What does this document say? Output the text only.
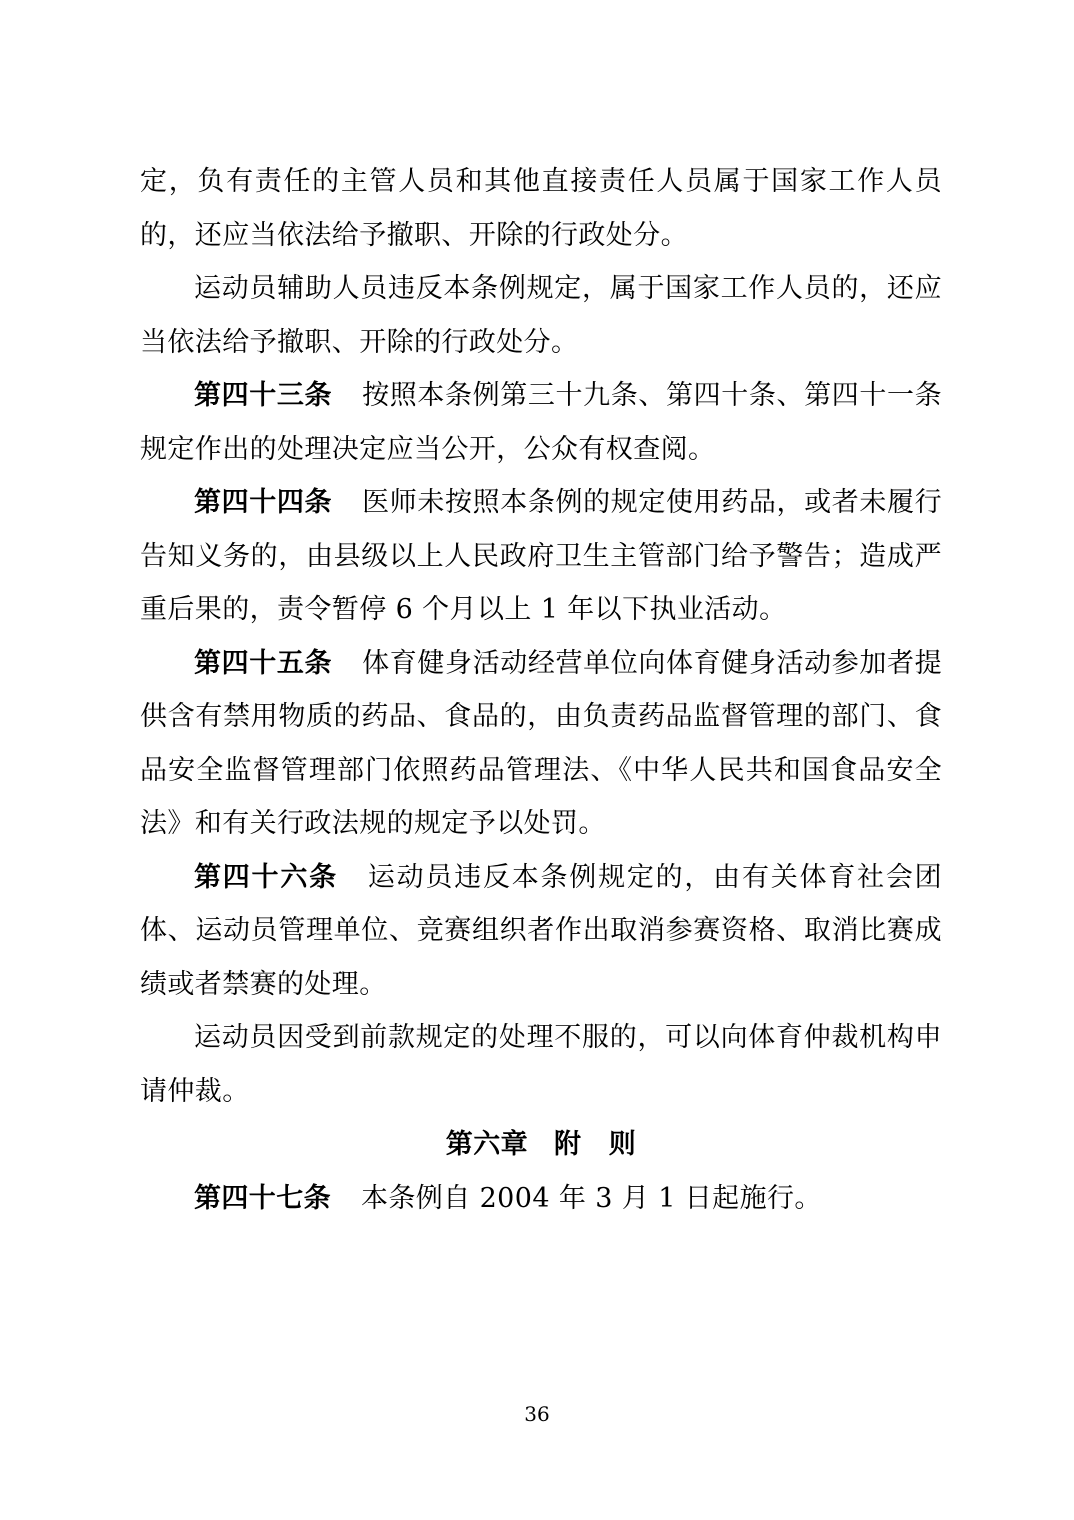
定，负有责任的主管人员和其他直接责任人员属于国家工作人员的，还应当依法给予撤职、开除的行政处分。

运动员辅助人员违反本条例规定，属于国家工作人员的，还应当依法给予撤职、开除的行政处分。

第四十三条 按照本条例第三十九条、第四十条、第四十一条规定作出的处理决定应当公开，公众有权查阅。

第四十四条 医师未按照本条例的规定使用药品，或者未履行告知义务的，由县级以上人民政府卫生主管部门给予警告；造成严重后果的，责令暂停 6 个月以上 1 年以下执业活动。

第四十五条 体育健身活动经营单位向体育健身活动参加者提供含有禁用物质的药品、食品的，由负责药品监督管理的部门、食品安全监督管理部门依照药品管理法、《中华人民共和国食品安全法》和有关行政法规的规定予以处罚。

第四十六条 运动员违反本条例规定的，由有关体育社会团体、运动员管理单位、竞赛组织者作出取消参赛资格、取消比赛成绩或者禁赛的处理。

运动员因受到前款规定的处理不服的，可以向体育仲裁机构申请仲裁。

第六章 附　则

第四十七条 本条例自 2004 年 3 月 1 日起施行。

36
